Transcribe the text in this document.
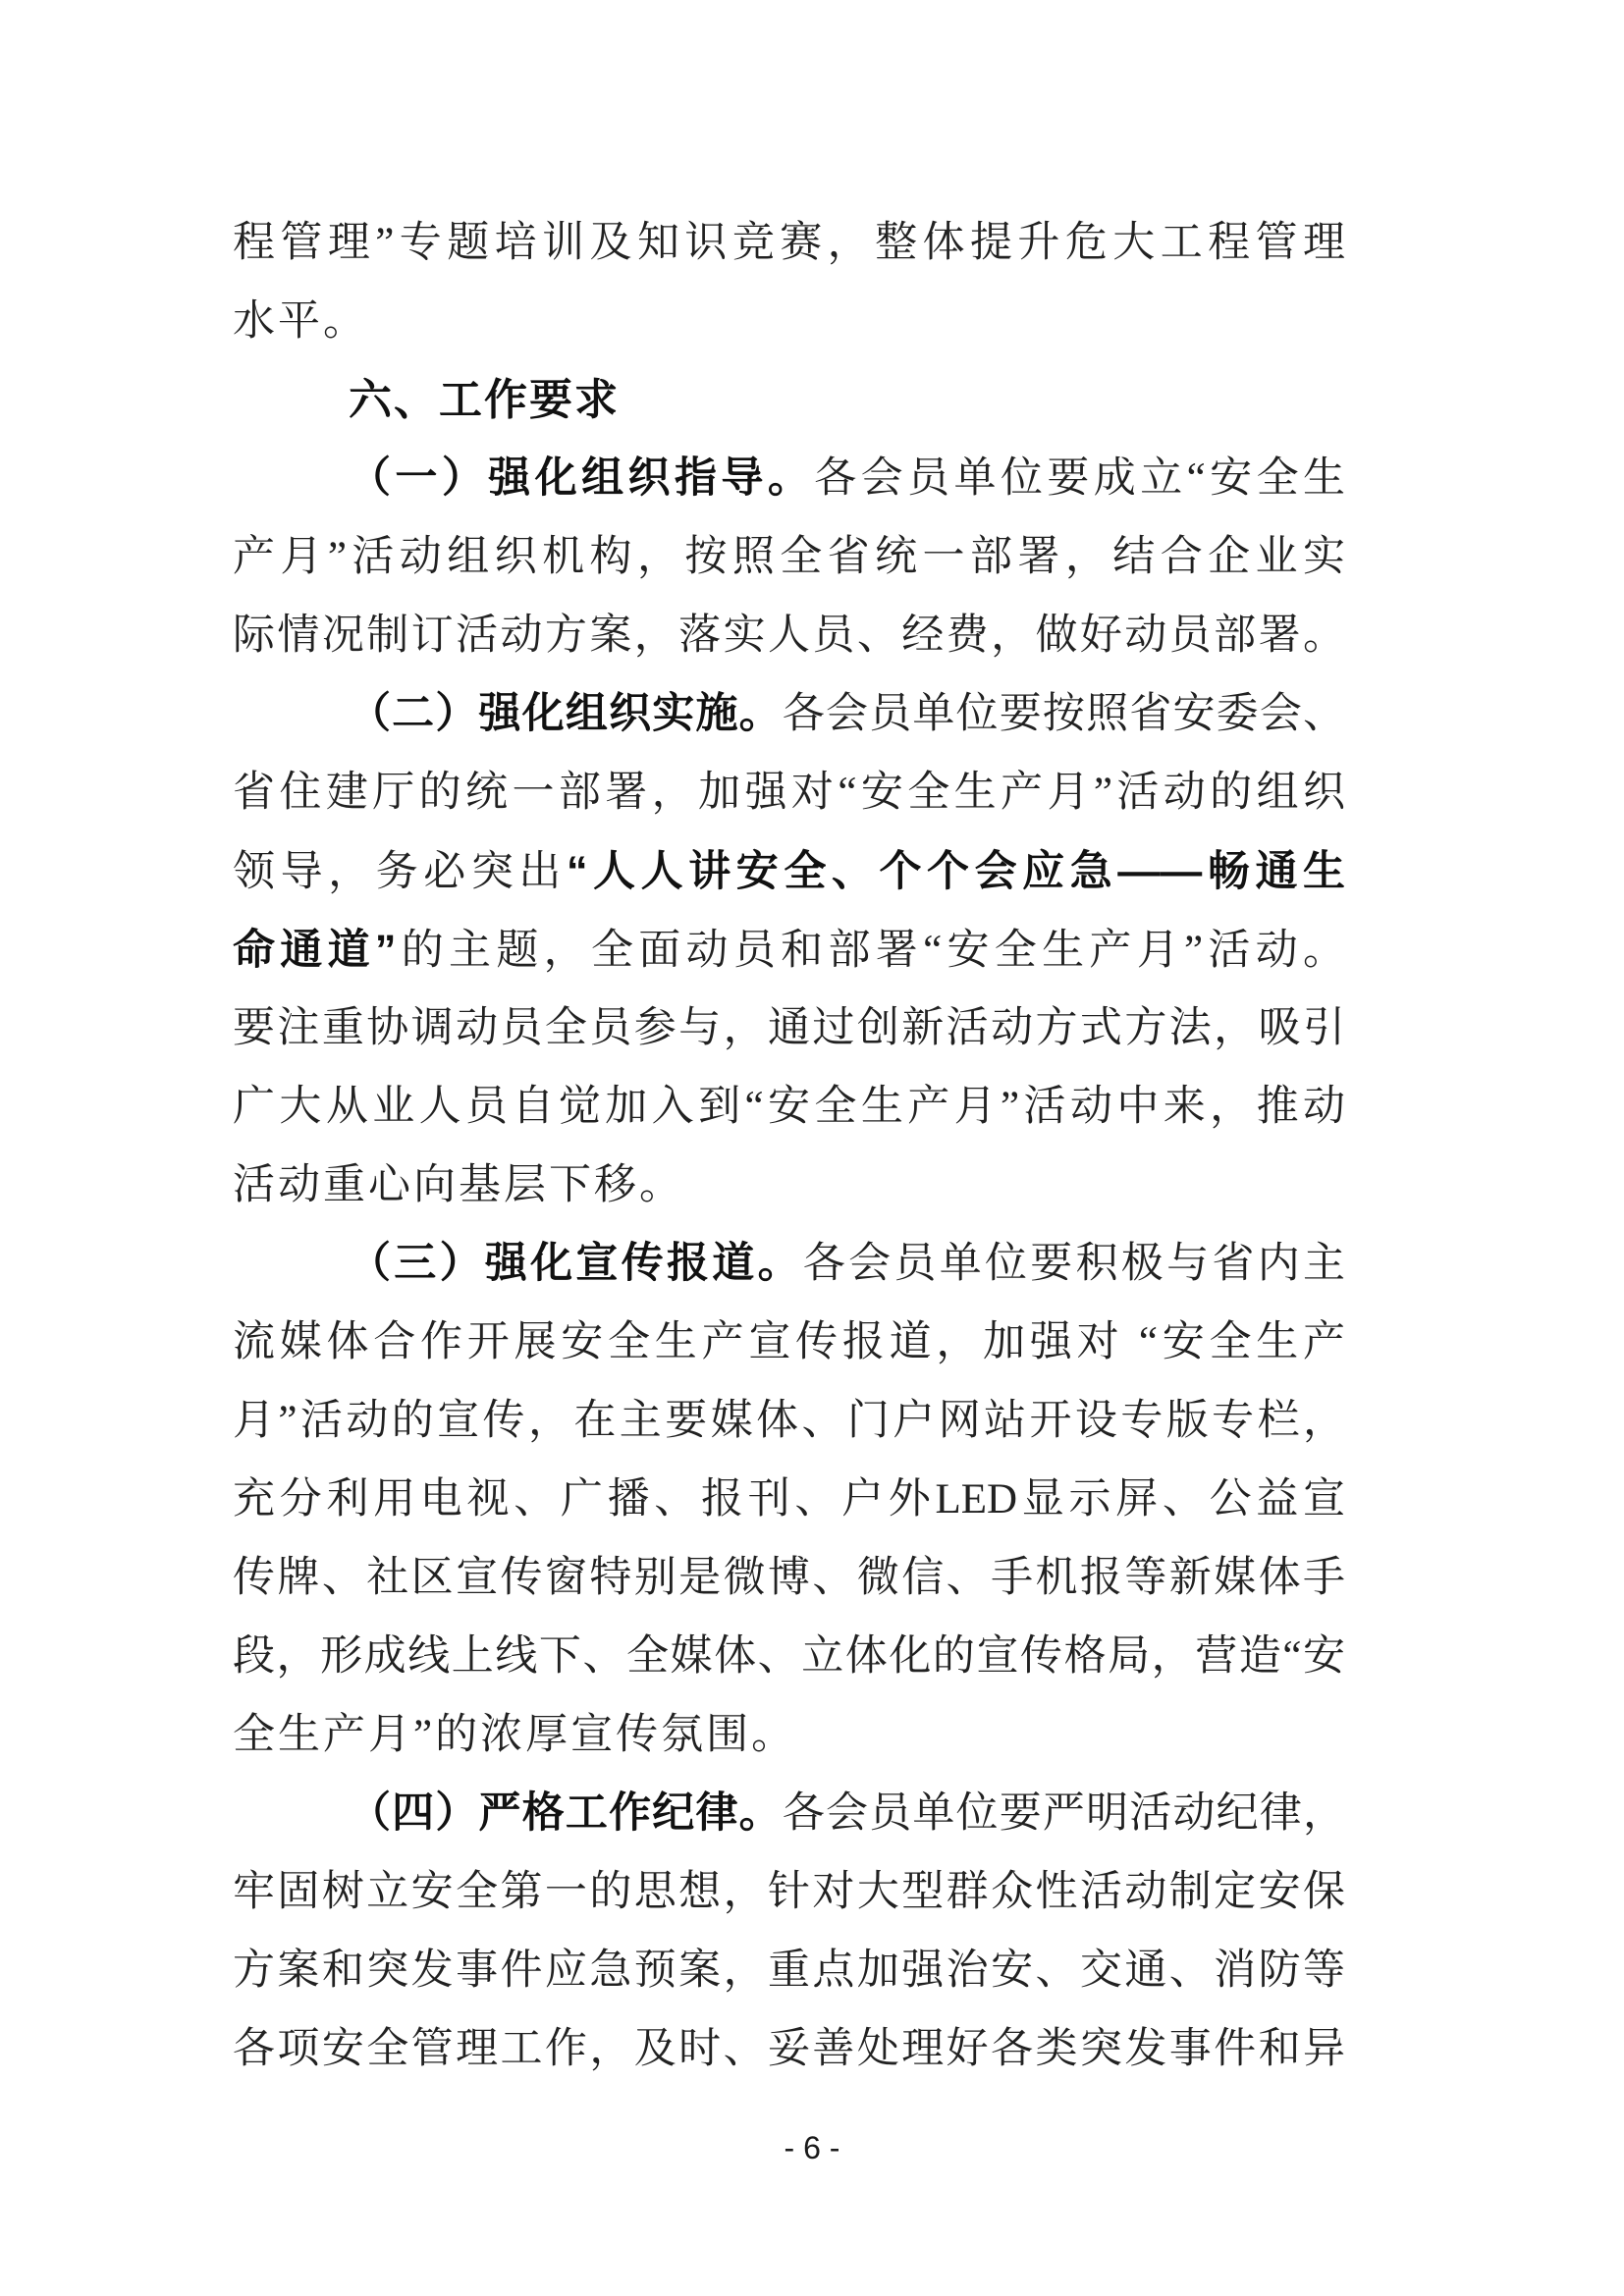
程管理”专题培训及知识竞赛，整体提升危大工程管理
水平。
六、工作要求
（一）强化组织指导。各会员单位要成立“安全生
产月”活动组织机构，按照全省统一部署，结合企业实
际情况制订活动方案，落实人员、经费，做好动员部署。
（二）强化组织实施。各会员单位要按照省安委会、
省住建厅的统一部署，加强对“安全生产月”活动的组织
领导，务必突出“人人讲安全、个个会应急——畅通生
命通道”的主题，全面动员和部署“安全生产月”活动。
要注重协调动员全员参与，通过创新活动方式方法，吸引
广大从业人员自觉加入到“安全生产月”活动中来，推动
活动重心向基层下移。
（三）强化宣传报道。各会员单位要积极与省内主
流媒体合作开展安全生产宣传报道，加强对 “安全生产
月”活动的宣传，在主要媒体、门户网站开设专版专栏，
充分利用电视、广播、报刊、户外LED显示屏、公益宣
传牌、社区宣传窗特别是微博、微信、手机报等新媒体手
段，形成线上线下、全媒体、立体化的宣传格局，营造“安
全生产月”的浓厚宣传氛围。
（四）严格工作纪律。各会员单位要严明活动纪律，
牢固树立安全第一的思想，针对大型群众性活动制定安保
方案和突发事件应急预案，重点加强治安、交通、消防等
各项安全管理工作，及时、妥善处理好各类突发事件和异
- 6 -
